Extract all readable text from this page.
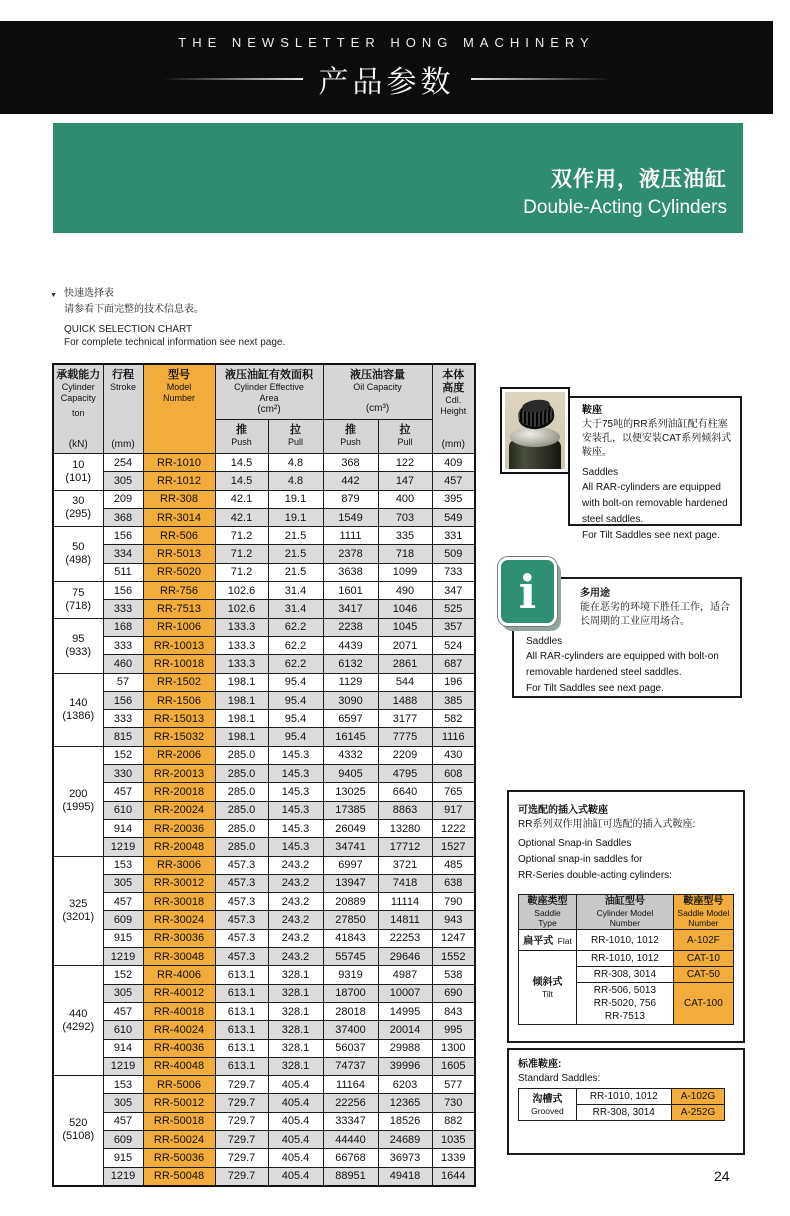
THE NEWSLETTER HONG MACHINERY
产品参数
双作用，液压油缸
Double-Acting Cylinders
▼ 快速选择表
请参看下面完整的技术信息表。
QUICK SELECTION CHART
For complete technical information see next page.
承载能力
Cylinder
Capacity
ton
(kN)

行程
Stroke
(mm)

型号
Model
Number

液压油缸有效面积
Cylinder Effective
Area
(cm²)

液压油容量
Oil Capacity
(cm³)

本体
高度
Cdl.
Height
(mm)

推
Push

拉
Pull

推
Push

拉
Pull

10
(101)	254	RR-1010	14.5	4.8	368	122	409
	305	RR-1012	14.5	4.8	442	147	457

30
(295)	209	RR-308	42.1	19.1	879	400	395
	368	RR-3014	42.1	19.1	1549	703	549

50
(498)	156	RR-506	71.2	21.5	1111	335	331
	334	RR-5013	71.2	21.5	2378	718	509
	511	RR-5020	71.2	21.5	3638	1099	733

75
(718)	156	RR-756	102.6	31.4	1601	490	347
	333	RR-7513	102.6	31.4	3417	1046	525

95
(933)	168	RR-1006	133.3	62.2	2238	1045	357
	333	RR-10013	133.3	62.2	4439	2071	524
	460	RR-10018	133.3	62.2	6132	2861	687

140
(1386)	57	RR-1502	198.1	95.4	1129	544	196
	156	RR-1506	198.1	95.4	3090	1488	385
	333	RR-15013	198.1	95.4	6597	3177	582
	815	RR-15032	198.1	95.4	16145	7775	1116

200
(1995)	152	RR-2006	285.0	145.3	4332	2209	430
	330	RR-20013	285.0	145.3	9405	4795	608
	457	RR-20018	285.0	145.3	13025	6640	765
	610	RR-20024	285.0	145.3	17385	8863	917
	914	RR-20036	285.0	145.3	26049	13280	1222
	1219	RR-20048	285.0	145.3	34741	17712	1527

325
(3201)	153	RR-3006	457.3	243.2	6997	3721	485
	305	RR-30012	457.3	243.2	13947	7418	638
	457	RR-30018	457.3	243.2	20889	11114	790
	609	RR-30024	457.3	243.2	27850	14811	943
	915	RR-30036	457.3	243.2	41843	22253	1247
	1219	RR-30048	457.3	243.2	55745	29646	1552

440
(4292)	152	RR-4006	613.1	328.1	9319	4987	538
	305	RR-40012	613.1	328.1	18700	10007	690
	457	RR-40018	613.1	328.1	28018	14995	843
	610	RR-40024	613.1	328.1	37400	20014	995
	914	RR-40036	613.1	328.1	56037	29988	1300
	1219	RR-40048	613.1	328.1	74737	39996	1605

520
(5108)	153	RR-5006	729.7	405.4	11164	6203	577
	305	RR-50012	729.7	405.4	22256	12365	730
	457	RR-50018	729.7	405.4	33347	18526	882
	609	RR-50024	729.7	405.4	44440	24689	1035
	915	RR-50036	729.7	405.4	66768	36973	1339
	1219	RR-50048	729.7	405.4	88951	49418	1644
鞍座
大于75吨的RR系列油缸配有柱塞安装孔，以便安装CAT系列倾斜式鞍座。
Saddles
All RAR-cylinders are equipped with bolt-on removable hardened steel saddles.
For Tilt Saddles see next page.
i	多用途
能在恶劣的环境下胜任工作，适合长周期的工业应用场合。
Saddles
All RAR-cylinders are equipped with bolt-on removable hardened steel saddles.
For Tilt Saddles see next page.
可选配的插入式鞍座
RR系列双作用油缸可选配的插入式鞍座:
Optional Snap-in Saddles
Optional snap-in saddles for
RR-Series double-acting cylinders:
鞍座类型
Saddle
Type

油缸型号
Cylinder Model
Number

鞍座型号
Saddle Model
Number

扁平式 Flat	RR-1010, 1012	A-102F

倾斜式
Tilt	RR-1010, 1012	CAT-10
	RR-308, 3014	CAT-50

	RR-506, 5013
RR-5020, 756
RR-7513	CAT-100
标准鞍座:
Standard Saddles:
沟槽式
Grooved	RR-1010, 1012	A-102G
	RR-308, 3014	A-252G
24
